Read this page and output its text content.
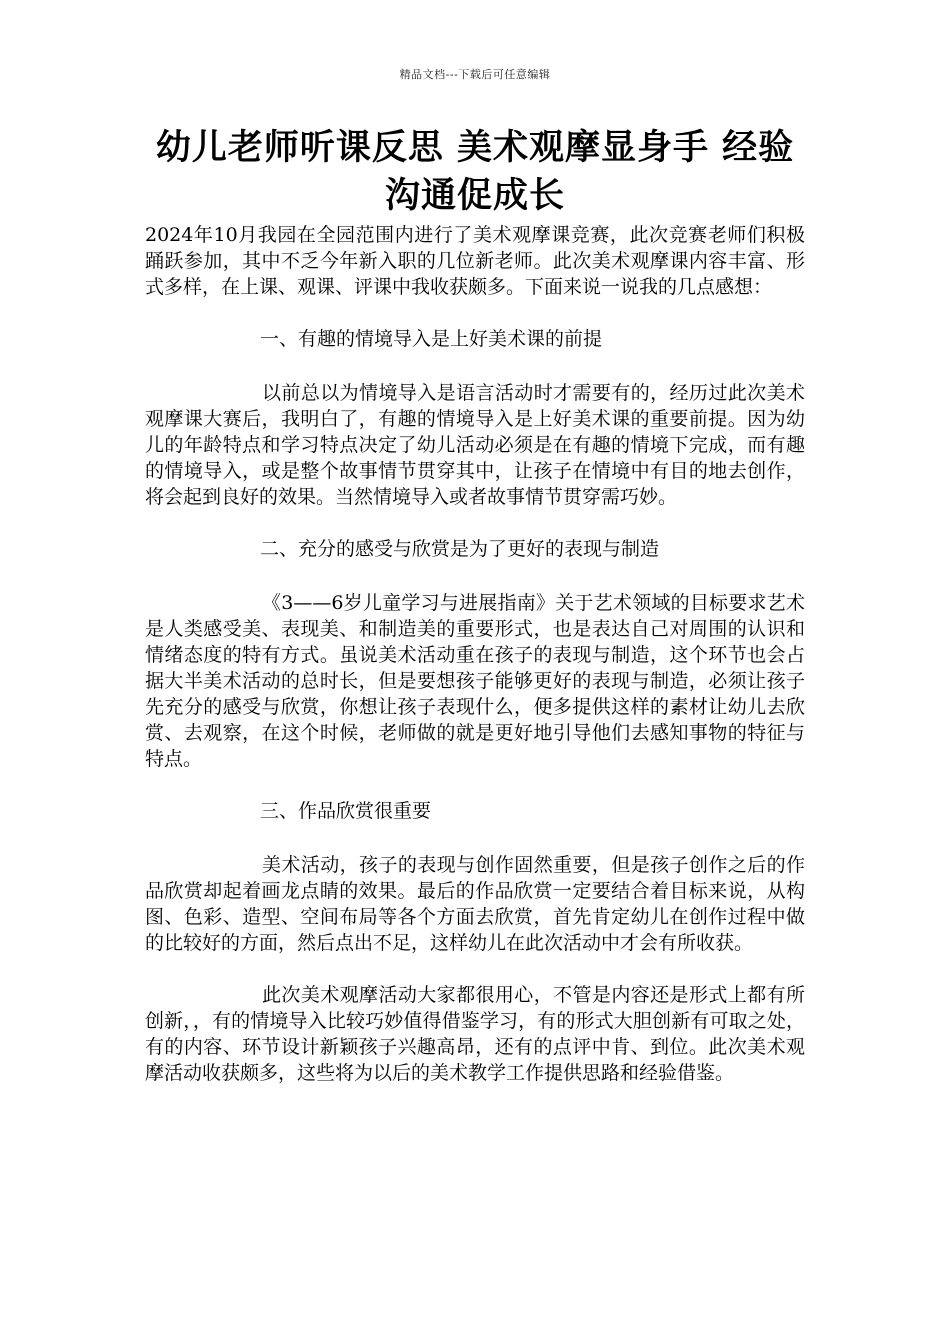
精品文档---下载后可任意编辑
幼儿老师听课反思 美术观摩显身手 经验沟通促成长

2024年10月我园在全园范围内进行了美术观摩课竞赛，此次竞赛老师们积极踊跃参加，其中不乏今年新入职的几位新老师。此次美术观摩课内容丰富、形式多样，在上课、观课、评课中我收获颇多。下面来说一说我的几点感想：

一、有趣的情境导入是上好美术课的前提

以前总以为情境导入是语言活动时才需要有的，经历过此次美术观摩课大赛后，我明白了，有趣的情境导入是上好美术课的重要前提。因为幼儿的年龄特点和学习特点决定了幼儿活动必须是在有趣的情境下完成，而有趣的情境导入，或是整个故事情节贯穿其中，让孩子在情境中有目的地去创作，将会起到良好的效果。当然情境导入或者故事情节贯穿需巧妙。

二、充分的感受与欣赏是为了更好的表现与制造

《3——6岁儿童学习与进展指南》关于艺术领域的目标要求艺术是人类感受美、表现美、和制造美的重要形式，也是表达自己对周围的认识和情绪态度的特有方式。虽说美术活动重在孩子的表现与制造，这个环节也会占据大半美术活动的总时长，但是要想孩子能够更好的表现与制造，必须让孩子先充分的感受与欣赏，你想让孩子表现什么，便多提供这样的素材让幼儿去欣赏、去观察，在这个时候，老师做的就是更好地引导他们去感知事物的特征与特点。

三、作品欣赏很重要

美术活动，孩子的表现与创作固然重要，但是孩子创作之后的作品欣赏却起着画龙点睛的效果。最后的作品欣赏一定要结合着目标来说，从构图、色彩、造型、空间布局等各个方面去欣赏，首先肯定幼儿在创作过程中做的比较好的方面，然后点出不足，这样幼儿在此次活动中才会有所收获。

此次美术观摩活动大家都很用心，不管是内容还是形式上都有所创新，，有的情境导入比较巧妙值得借鉴学习，有的形式大胆创新有可取之处，有的内容、环节设计新颖孩子兴趣高昂，还有的点评中肯、到位。此次美术观摩活动收获颇多，这些将为以后的美术教学工作提供思路和经验借鉴。
